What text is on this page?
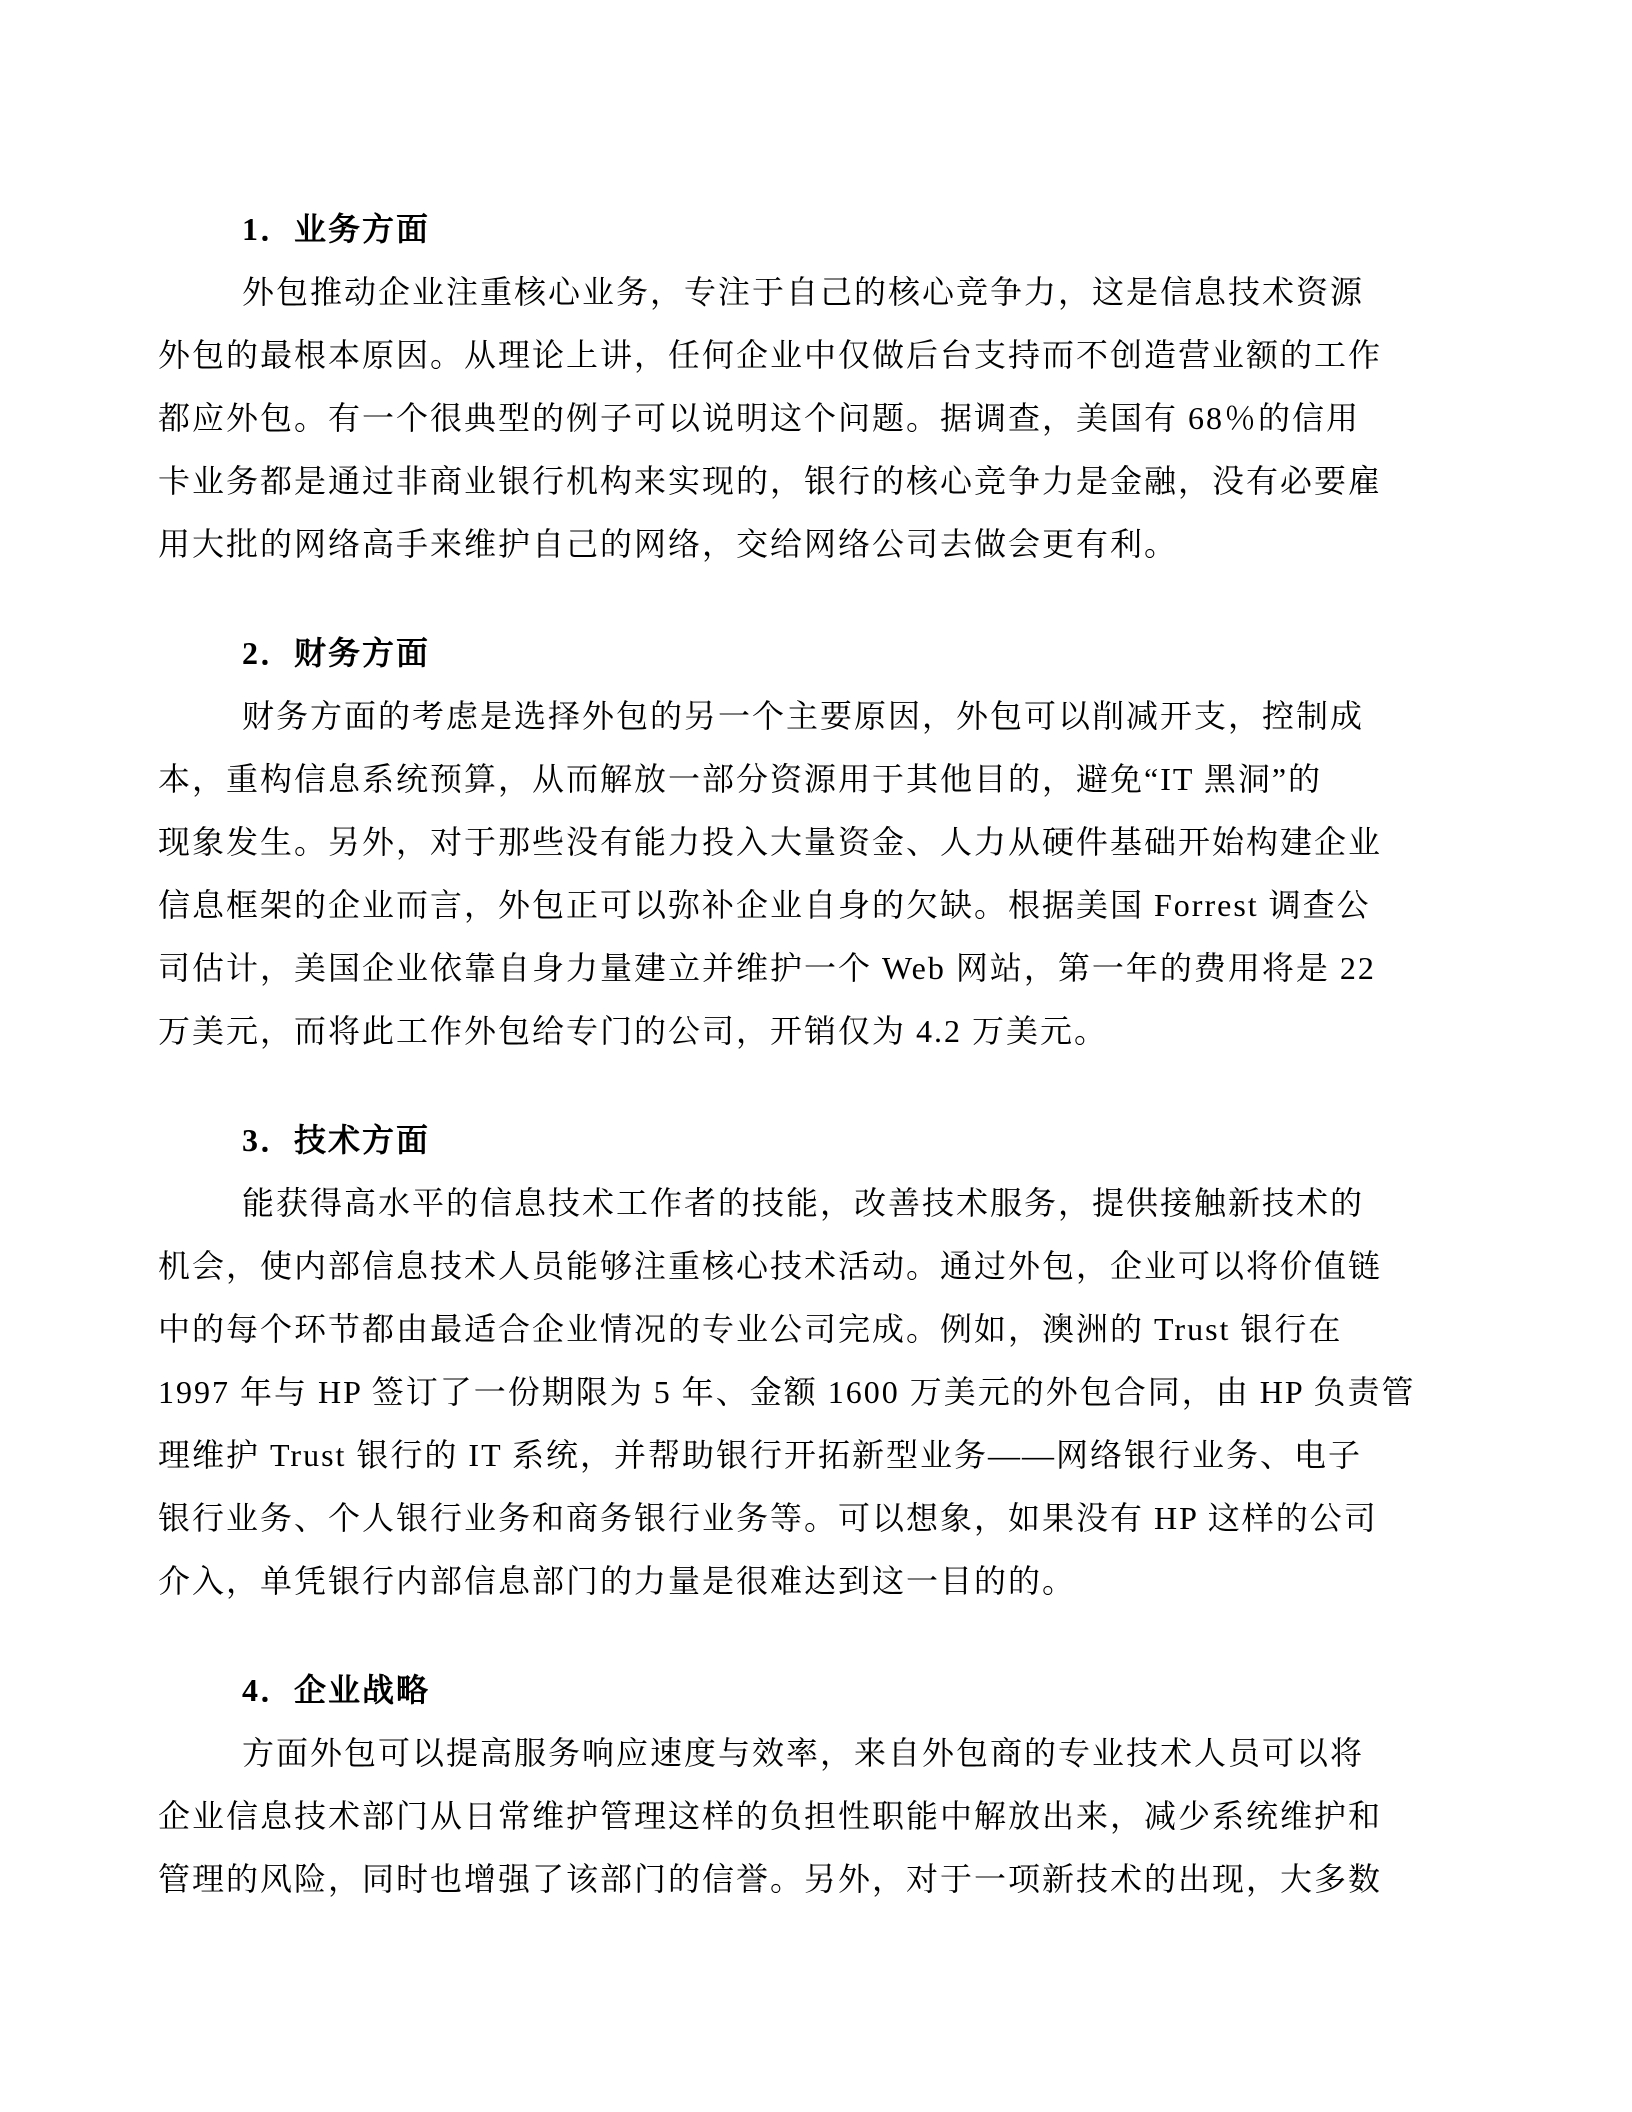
1．业务方面

外包推动企业注重核心业务，专注于自己的核心竞争力，这是信息技术资源

外包的最根本原因。从理论上讲，任何企业中仅做后台支持而不创造营业额的工作

都应外包。有一个很典型的例子可以说明这个问题。据调查，美国有 68％的信用

卡业务都是通过非商业银行机构来实现的，银行的核心竞争力是金融，没有必要雇

用大批的网络高手来维护自己的网络，交给网络公司去做会更有利。

2．财务方面

财务方面的考虑是选择外包的另一个主要原因，外包可以削减开支，控制成

本，重构信息系统预算，从而解放一部分资源用于其他目的，避免“IT 黑洞”的

现象发生。另外，对于那些没有能力投入大量资金、人力从硬件基础开始构建企业

信息框架的企业而言，外包正可以弥补企业自身的欠缺。根据美国 Forrest 调查公

司估计，美国企业依靠自身力量建立并维护一个 Web 网站，第一年的费用将是 22

万美元，而将此工作外包给专门的公司，开销仅为 4.2 万美元。

3．技术方面

能获得高水平的信息技术工作者的技能，改善技术服务，提供接触新技术的

机会，使内部信息技术人员能够注重核心技术活动。通过外包，企业可以将价值链

中的每个环节都由最适合企业情况的专业公司完成。例如，澳洲的 Trust 银行在

1997 年与 HP 签订了一份期限为 5 年、金额 1600 万美元的外包合同，由 HP 负责管

理维护 Trust 银行的 IT 系统，并帮助银行开拓新型业务——网络银行业务、电子

银行业务、个人银行业务和商务银行业务等。可以想象，如果没有 HP 这样的公司

介入，单凭银行内部信息部门的力量是很难达到这一目的的。

4．企业战略

方面外包可以提高服务响应速度与效率，来自外包商的专业技术人员可以将

企业信息技术部门从日常维护管理这样的负担性职能中解放出来，减少系统维护和

管理的风险，同时也增强了该部门的信誉。另外，对于一项新技术的出现，大多数
